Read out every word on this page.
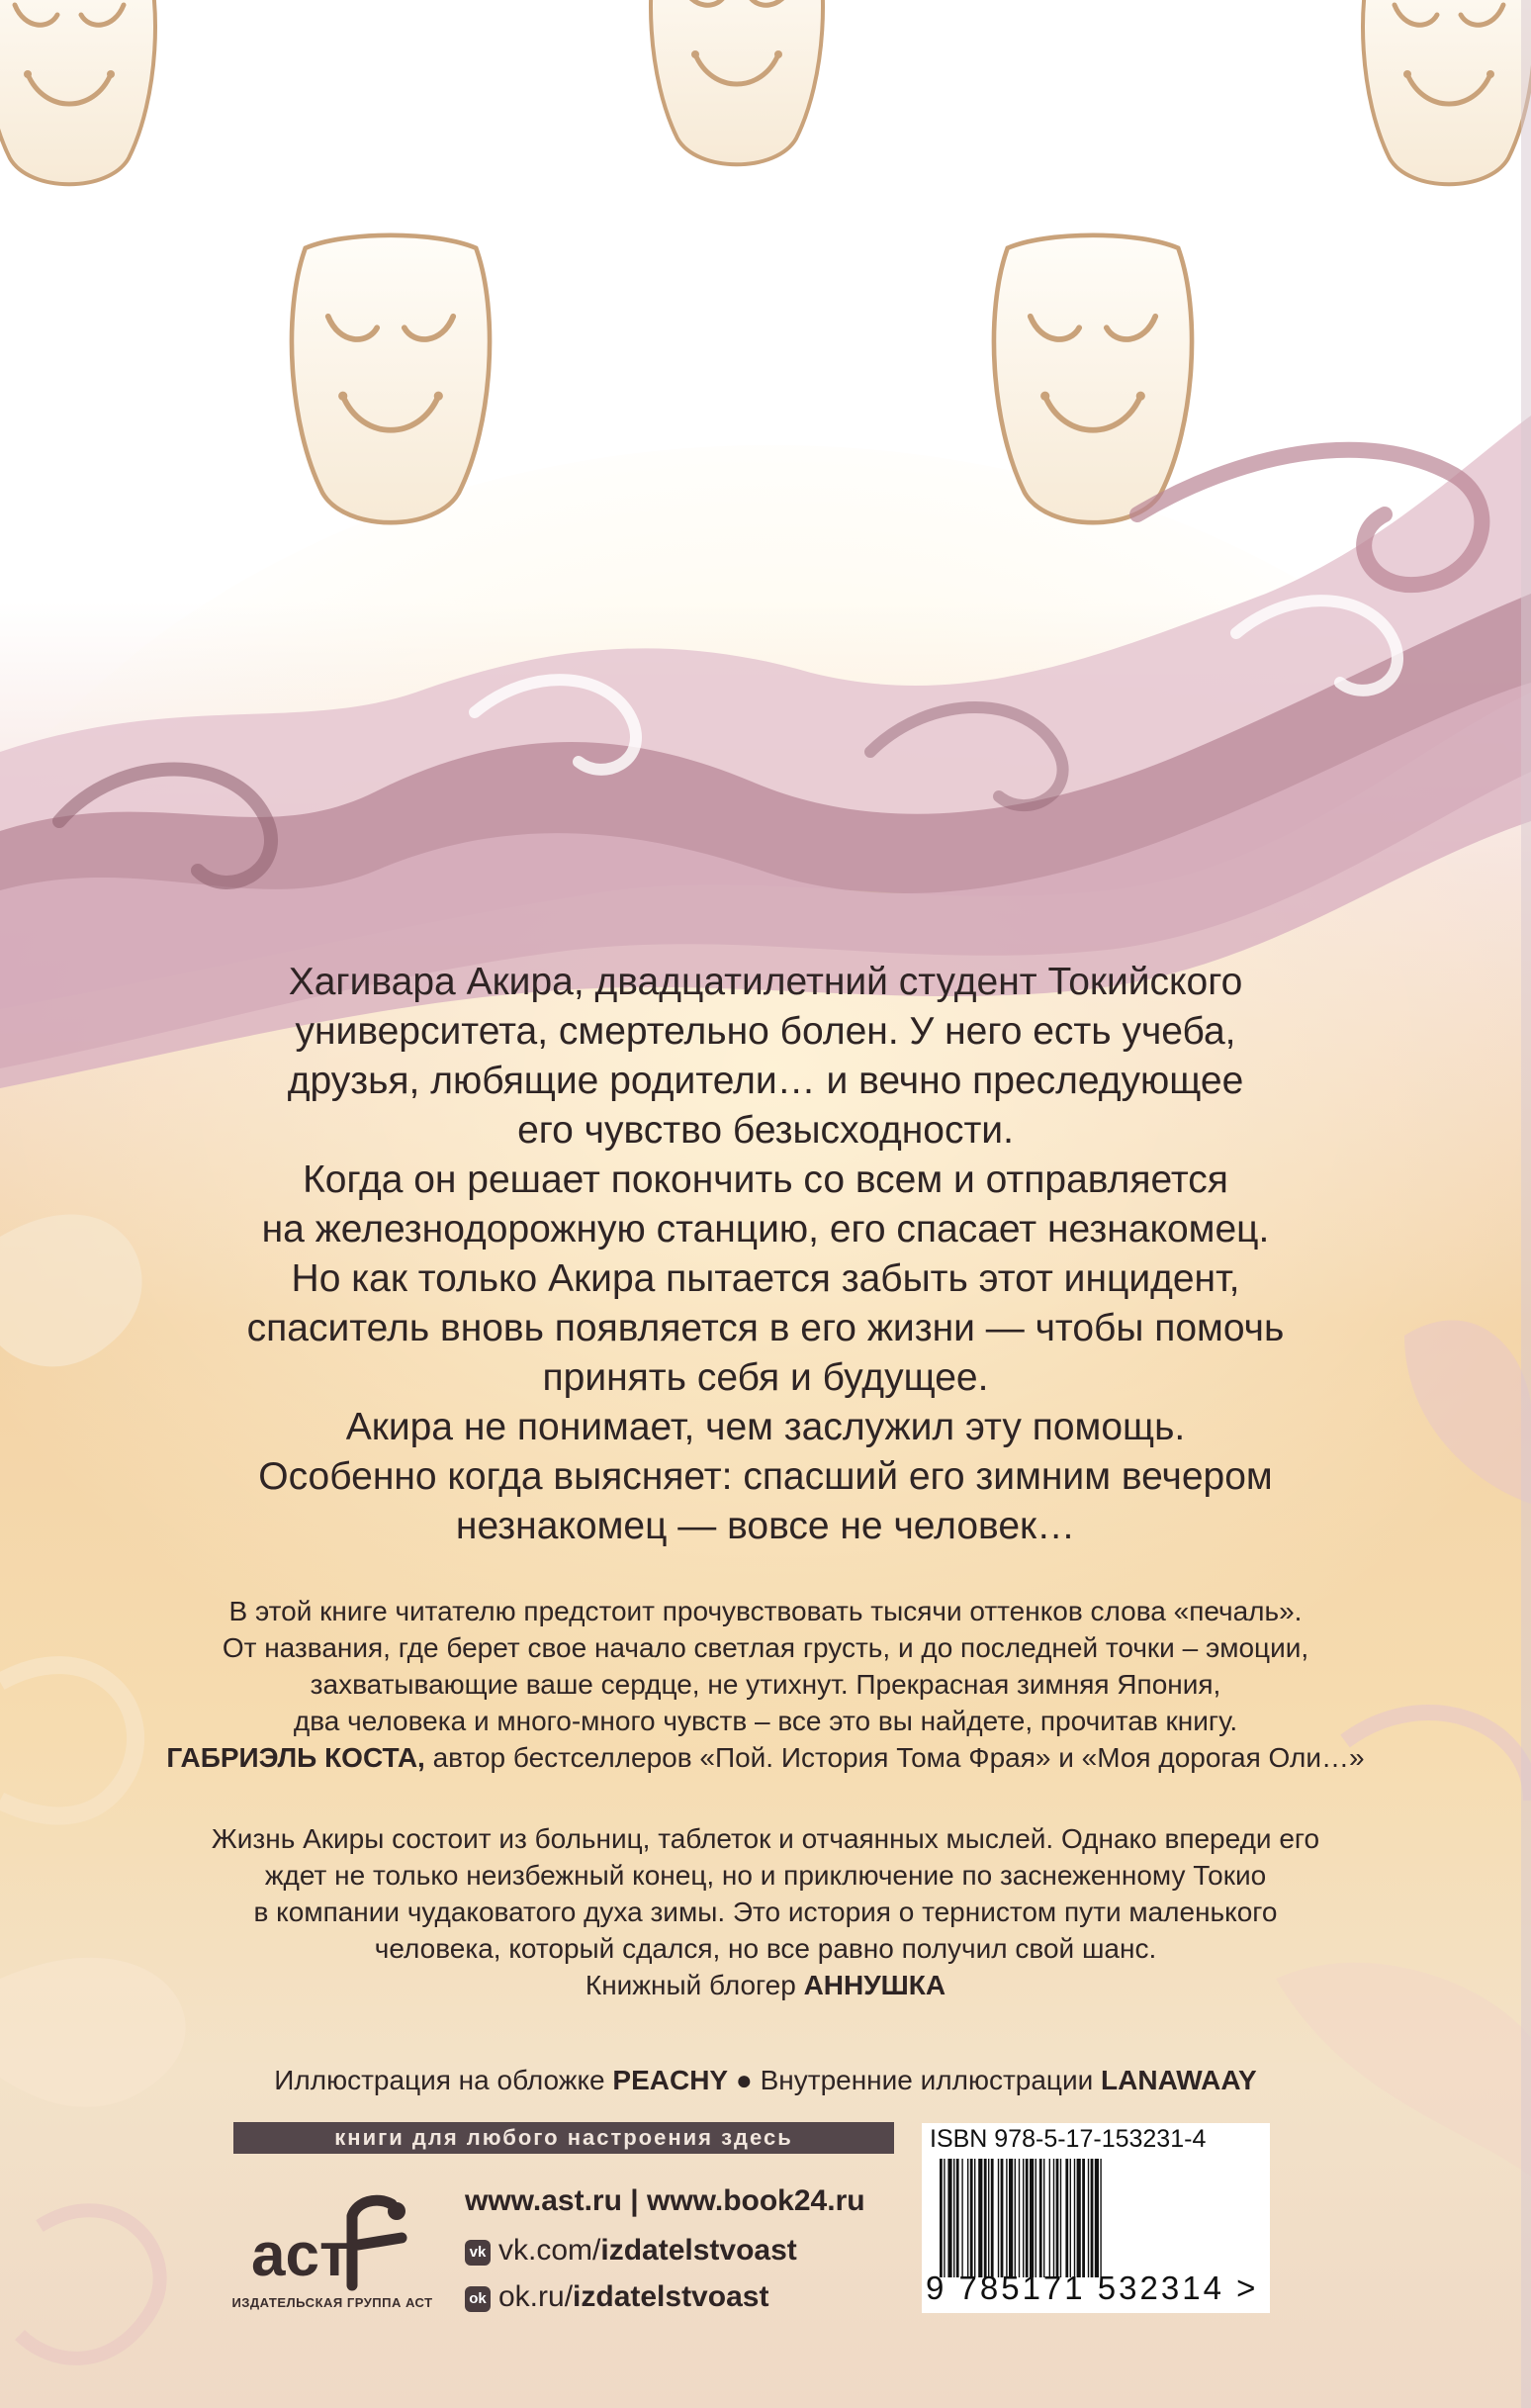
Хагивара Акира, двадцатилетний студент Токийского
университета, смертельно болен. У него есть учеба,
друзья, любящие родители… и вечно преследующее
его чувство безысходности.
Когда он решает покончить со всем и отправляется
на железнодорожную станцию, его спасает незнакомец.
Но как только Акира пытается забыть этот инцидент,
спаситель вновь появляется в его жизни — чтобы помочь
принять себя и будущее.
Акира не понимает, чем заслужил эту помощь.
Особенно когда выясняет: спасший его зимним вечером
незнакомец — вовсе не человек…
В этой книге читателю предстоит прочувствовать тысячи оттенков слова «печаль».
От названия, где берет свое начало светлая грусть, и до последней точки – эмоции,
захватывающие ваше сердце, не утихнут. Прекрасная зимняя Япония,
два человека и много-много чувств – все это вы найдете, прочитав книгу.
ГАБРИЭЛЬ КОСТА, автор бестселлеров «Пой. История Тома Фрая» и «Моя дорогая Оли…»
Жизнь Акиры состоит из больниц, таблеток и отчаянных мыслей. Однако впереди его
ждет не только неизбежный конец, но и приключение по заснеженному Токио
в компании чудаковатого духа зимы. Это история о тернистом пути маленького
человека, который сдался, но все равно получил свой шанс.
Книжный блогер АННУШКА
Иллюстрация на обложке PEACHY ● Внутренние иллюстрации LANAWAAY
книги для любого настроения здесь
аст
ИЗДАТЕЛЬСКАЯ ГРУППА АСТ
www.ast.ru | www.book24.ru
vk vk.com/izdatelstvoast
ok ok.ru/izdatelstvoast
ISBN 978-5-17-153231-4
9 785171 532314 >
